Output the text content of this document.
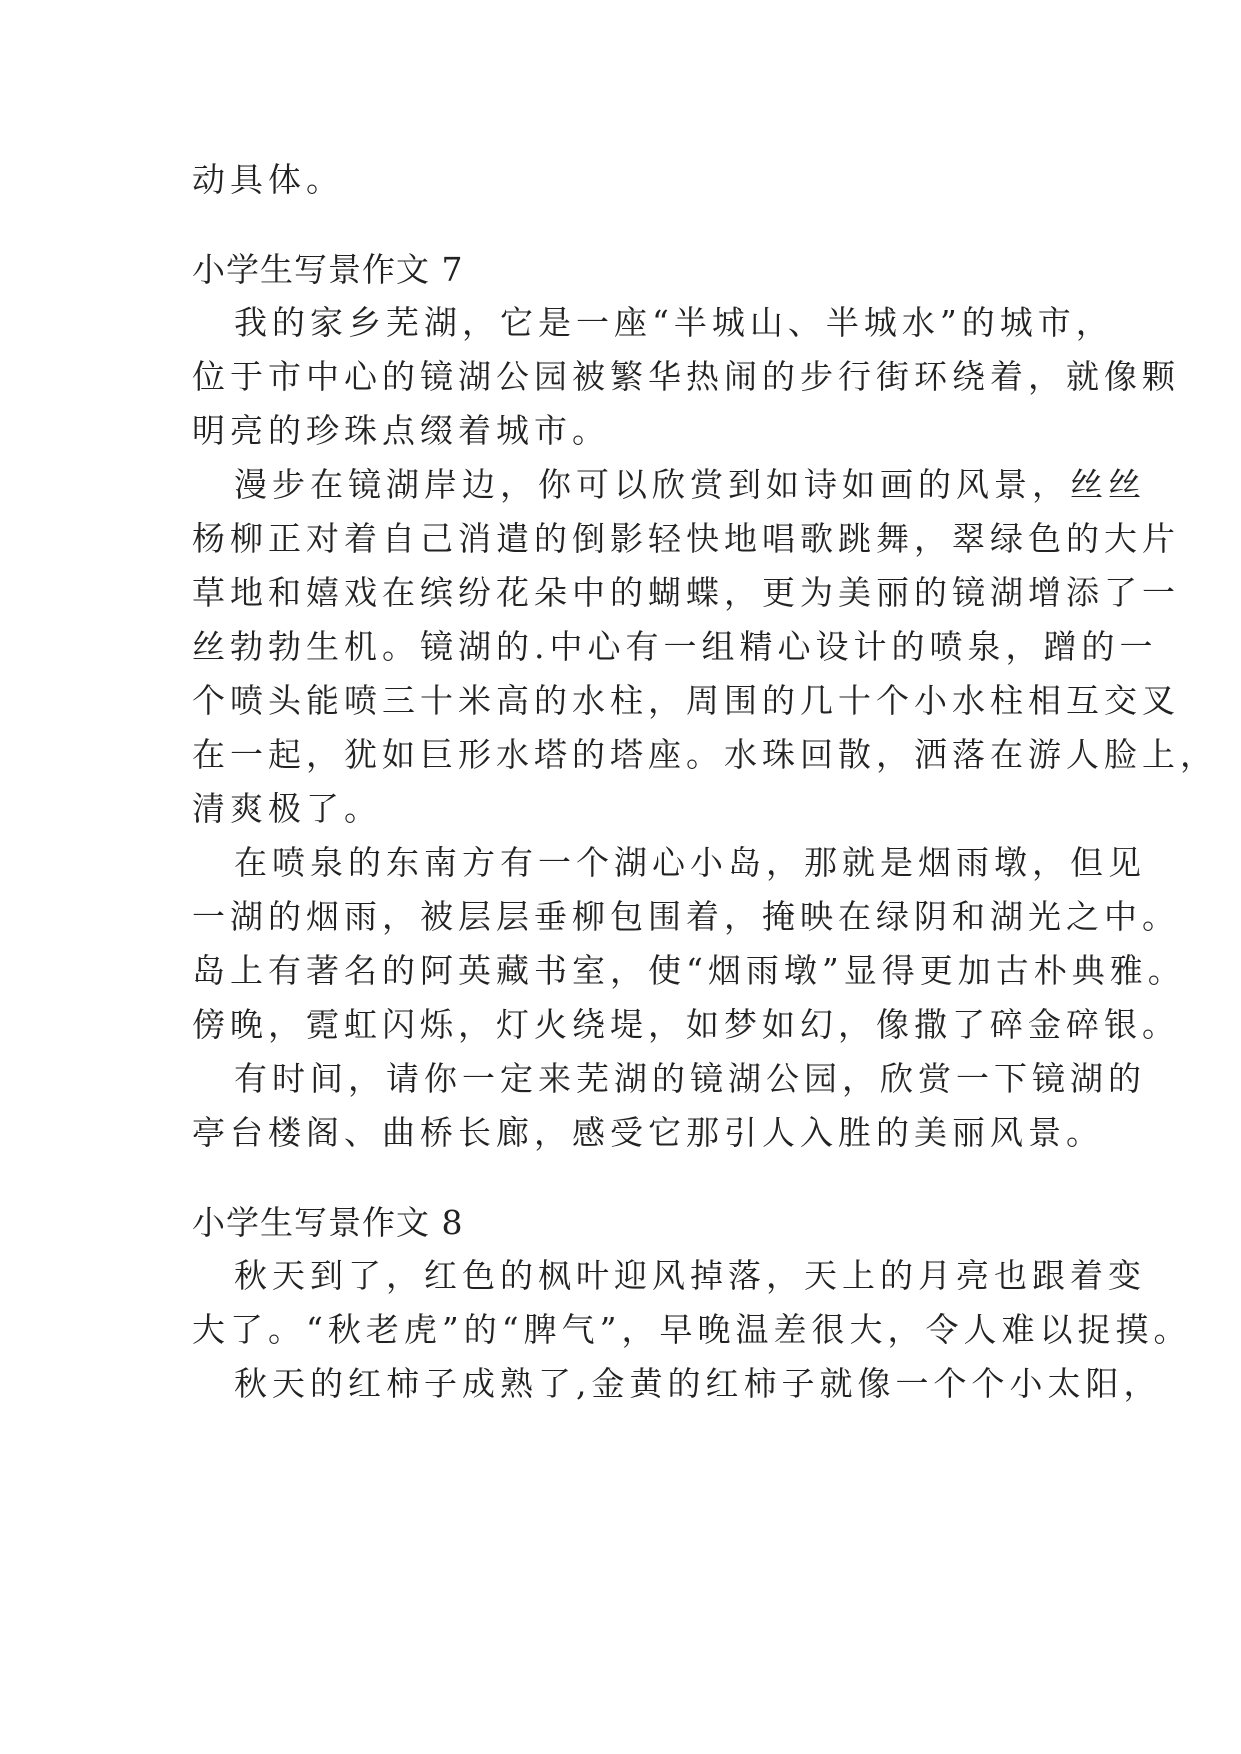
动具体。
小学生写景作文 7
我的家乡芜湖，它是一座“半城山、半城水”的城市，
位于市中心的镜湖公园被繁华热闹的步行街环绕着，就像颗
明亮的珍珠点缀着城市。
漫步在镜湖岸边，你可以欣赏到如诗如画的风景，丝丝
杨柳正对着自己消遣的倒影轻快地唱歌跳舞，翠绿色的大片
草地和嬉戏在缤纷花朵中的蝴蝶，更为美丽的镜湖增添了一
丝勃勃生机。镜湖的.中心有一组精心设计的喷泉，蹭的一
个喷头能喷三十米高的水柱，周围的几十个小水柱相互交叉
在一起，犹如巨形水塔的塔座。水珠回散，洒落在游人脸上，
清爽极了。
在喷泉的东南方有一个湖心小岛，那就是烟雨墩，但见
一湖的烟雨，被层层垂柳包围着，掩映在绿阴和湖光之中。
岛上有著名的阿英藏书室，使“烟雨墩”显得更加古朴典雅。
傍晚，霓虹闪烁，灯火绕堤，如梦如幻，像撒了碎金碎银。
有时间，请你一定来芜湖的镜湖公园，欣赏一下镜湖的
亭台楼阁、曲桥长廊，感受它那引人入胜的美丽风景。
小学生写景作文 8
秋天到了，红色的枫叶迎风掉落，天上的月亮也跟着变
大了。“秋老虎”的“脾气”，早晚温差很大，令人难以捉摸。
秋天的红柿子成熟了,金黄的红柿子就像一个个小太阳，
